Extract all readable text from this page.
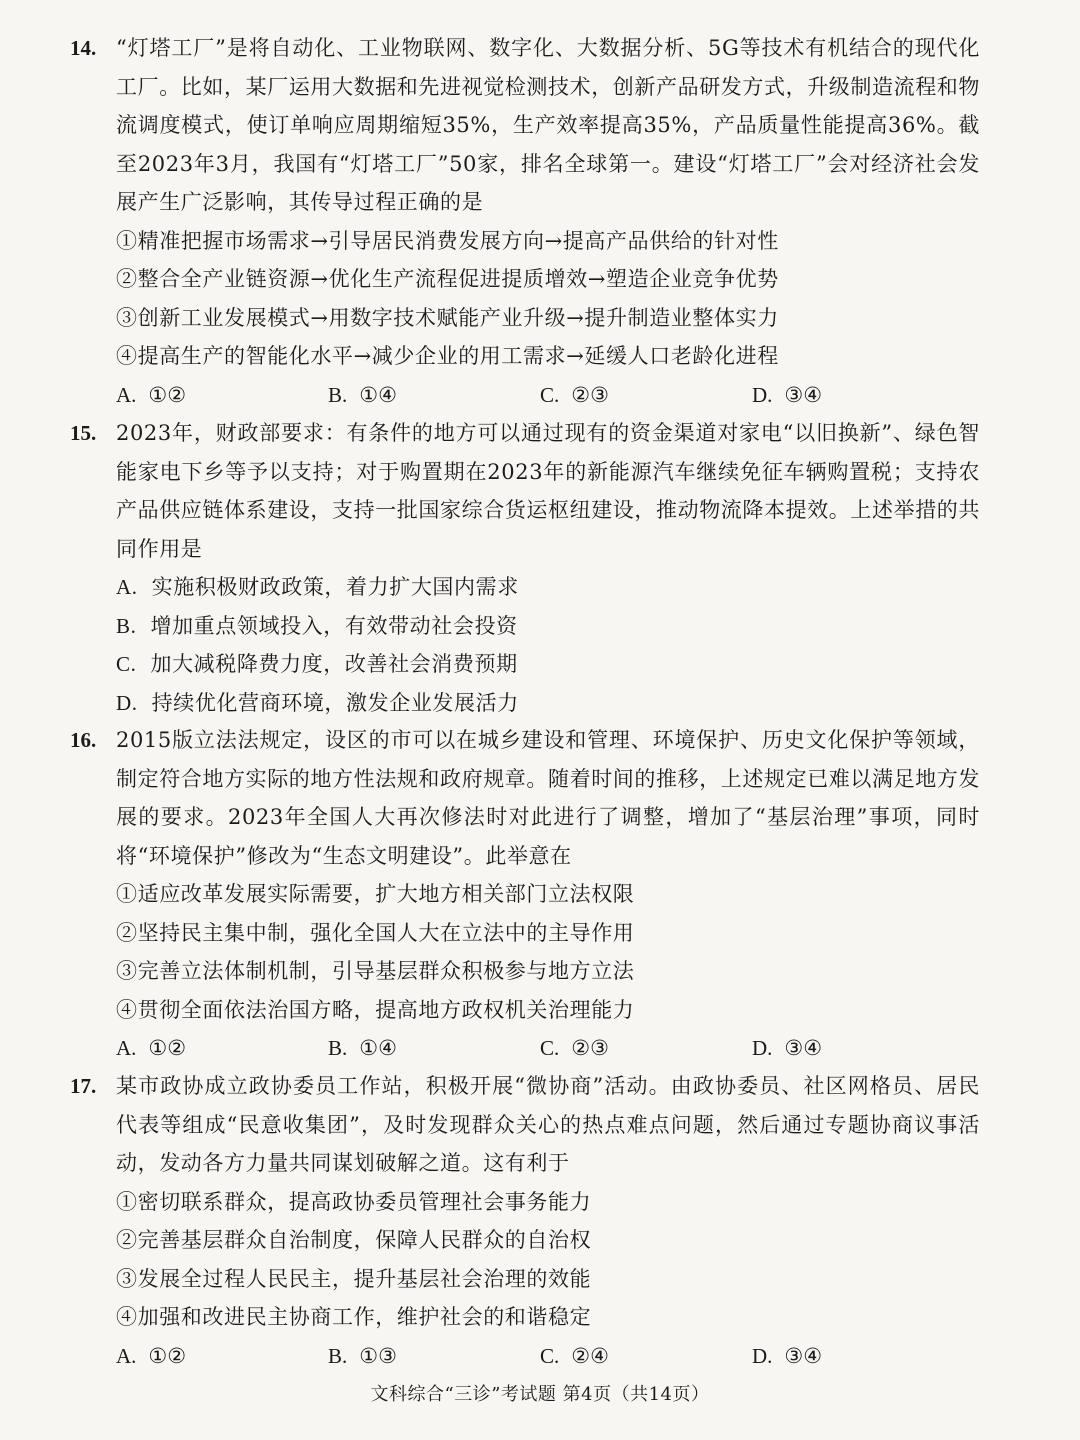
14. “灯塔工厂”是将自动化、工业物联网、数字化、大数据分析、5G等技术有机结合的现代化工厂。比如，某厂运用大数据和先进视觉检测技术，创新产品研发方式，升级制造流程和物流调度模式，使订单响应周期缩短35%，生产效率提高35%，产品质量性能提高36%。截至2023年3月，我国有“灯塔工厂”50家，排名全球第一。建设“灯塔工厂”会对经济社会发展产生广泛影响，其传导过程正确的是
①精准把握市场需求→引导居民消费发展方向→提高产品供给的针对性
②整合全产业链资源→优化生产流程促进提质增效→塑造企业竞争优势
③创新工业发展模式→用数字技术赋能产业升级→提升制造业整体实力
④提高生产的智能化水平→减少企业的用工需求→延缓人口老龄化进程
A. ①②	B. ①④	C. ②③	D. ③④
15. 2023年，财政部要求：有条件的地方可以通过现有的资金渠道对家电“以旧换新”、绿色智能家电下乡等予以支持；对于购置期在2023年的新能源汽车继续免征车辆购置税；支持农产品供应链体系建设，支持一批国家综合货运枢纽建设，推动物流降本提效。上述举措的共同作用是
A. 实施积极财政政策，着力扩大国内需求
B. 增加重点领域投入，有效带动社会投资
C. 加大减税降费力度，改善社会消费预期
D. 持续优化营商环境，激发企业发展活力
16. 2015版立法法规定，设区的市可以在城乡建设和管理、环境保护、历史文化保护等领域，制定符合地方实际的地方性法规和政府规章。随着时间的推移，上述规定已难以满足地方发展的要求。2023年全国人大再次修法时对此进行了调整，增加了“基层治理”事项，同时将“环境保护”修改为“生态文明建设”。此举意在
①适应改革发展实际需要，扩大地方相关部门立法权限
②坚持民主集中制，强化全国人大在立法中的主导作用
③完善立法体制机制，引导基层群众积极参与地方立法
④贯彻全面依法治国方略，提高地方政权机关治理能力
A. ①②	B. ①④	C. ②③	D. ③④
17. 某市政协成立政协委员工作站，积极开展“微协商”活动。由政协委员、社区网格员、居民代表等组成“民意收集团”，及时发现群众关心的热点难点问题，然后通过专题协商议事活动，发动各方力量共同谋划破解之道。这有利于
①密切联系群众，提高政协委员管理社会事务能力
②完善基层群众自治制度，保障人民群众的自治权
③发展全过程人民民主，提升基层社会治理的效能
④加强和改进民主协商工作，维护社会的和谐稳定
A. ①②	B. ①③	C. ②④	D. ③④
文科综合“三诊”考试题 第4页（共14页）
